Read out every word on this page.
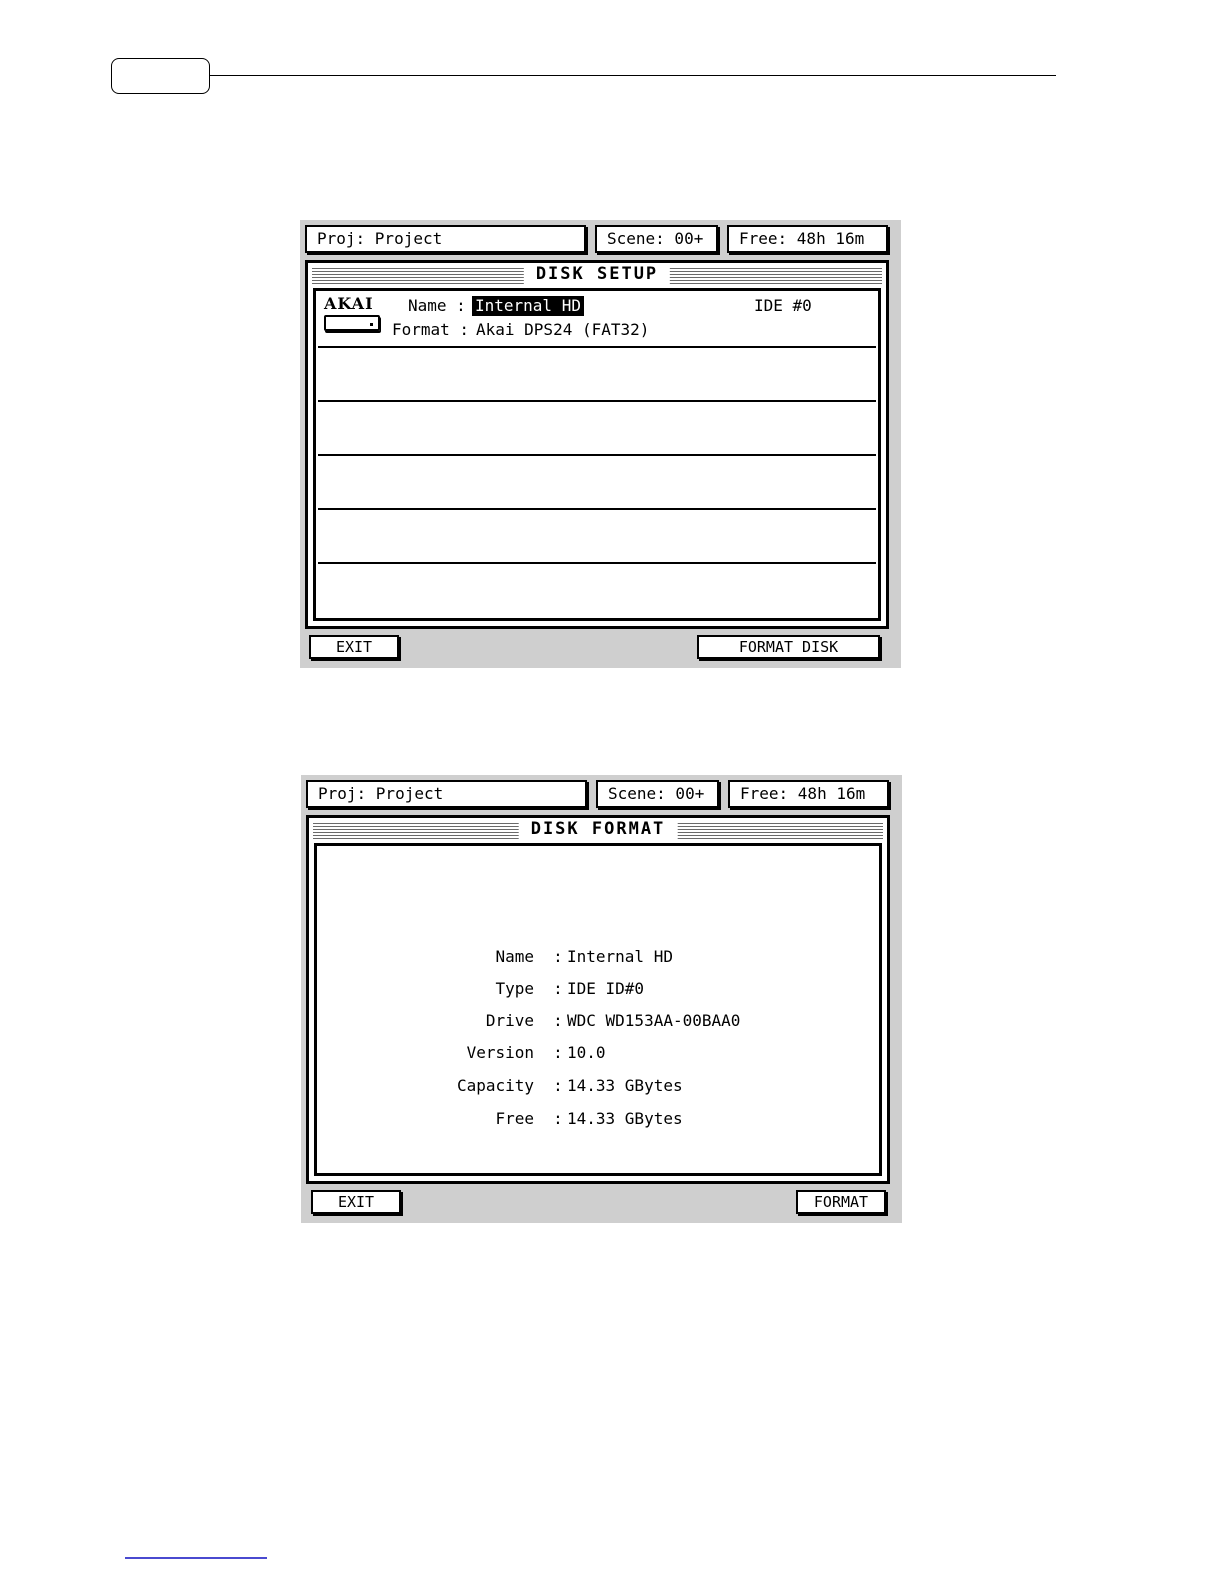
Proj: Project	Scene: 00+	Free: 48h 16m
DISK SETUP
AKAI Name : Internal HD	IDE #0
Format : Akai DPS24 (FAT32)
EXIT	FORMAT DISK
Proj: Project	Scene: 00+	Free: 48h 16m
DISK FORMAT
Name : Internal HD
Type : IDE ID#0
Drive : WDC WD153AA-00BAA0
Version : 10.0
Capacity : 14.33 GBytes
Free : 14.33 GBytes
EXIT	FORMAT
